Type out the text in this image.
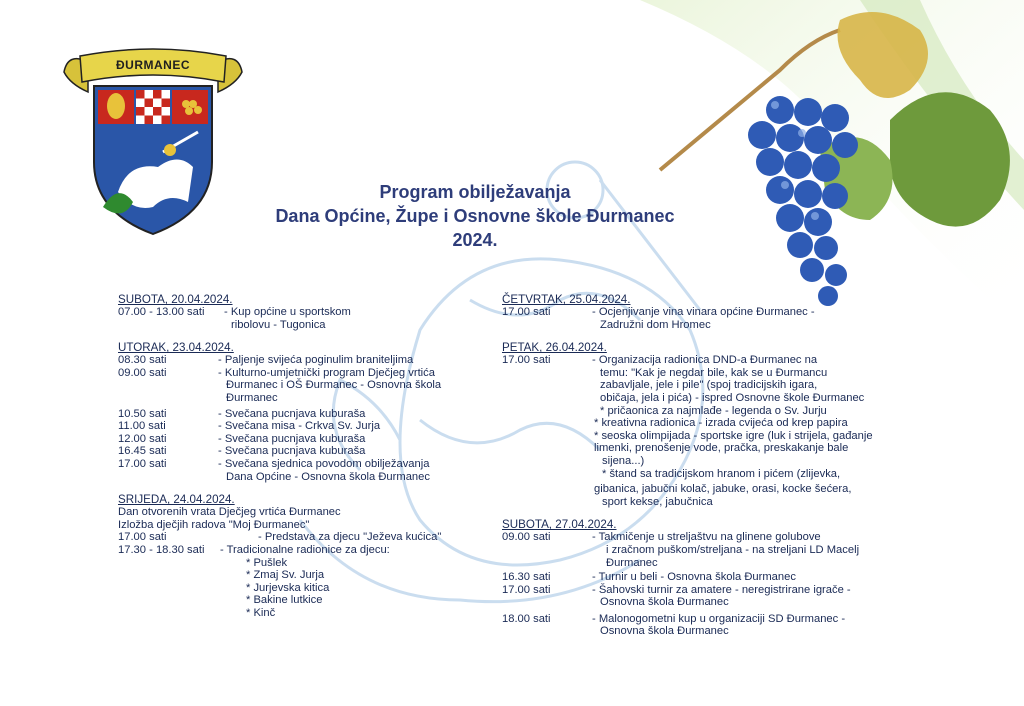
ĐURMANEC
Program obilježavanja
Dana Općine, Župe i Osnovne škole Đurmanec
2024.
SUBOTA, 20.04.2024.
07.00 - 13.00 sati	- Kup općine u sportskom
ribolovu - Tugonica
UTORAK, 23.04.2024.
08.30 sati	- Paljenje svijeća poginulim braniteljima
09.00 sati	- Kulturno-umjetnički program Dječjeg vrtića
Đurmanec i OŠ Đurmanec - Osnovna škola
Đurmanec
10.50 sati	- Svečana pucnjava kuburaša
11.00 sati	- Svečana misa - Crkva Sv. Jurja
12.00 sati	- Svečana pucnjava kuburaša
16.45 sati	- Svečana pucnjava kuburaša
17.00 sati	- Svečana sjednica povodom obilježavanja
Dana Općine - Osnovna škola Đurmanec
SRIJEDA, 24.04.2024.
Dan otvorenih vrata Dječjeg vrtića Đurmanec
Izložba dječjih radova "Moj Đurmanec"
17.00 sati	- Predstava za djecu "Ježeva kućica"
17.30 - 18.30 sati	- Tradicionalne radionice za djecu:
* Pušlek
* Zmaj Sv. Jurja
* Jurjevska kitica
* Bakine lutkice
* Kinč
ČETVRTAK, 25.04.2024.
17.00 sati	- Ocjenjivanje vina vinara općine Đurmanec -
Zadružni dom Hromec
PETAK, 26.04.2024.
17.00 sati	- Organizacija radionica DND-a Đurmanec na
temu: "Kak je negdar bile, kak se u Đurmancu
zabavljale, jele i pile" (spoj tradicijskih igara,
običaja, jela i pića) - ispred Osnovne škole Đurmanec
* pričaonica za najmlađe - legenda o Sv. Jurju
* kreativna radionica - izrada cvijeća od krep papira
* seoska olimpijada - sportske igre (luk i strijela, gađanje
limenki, prenošenje vode, pračka, preskakanje bale
sijena...)
* štand sa tradicijskom hranom i pićem (zlijevka,
gibanica, jabučni kolač, jabuke, orasi, kocke šećera,
sport kekse, jabučnica
SUBOTA, 27.04.2024.
09.00 sati	- Takmičenje u streljaštvu na glinene golubove
i zračnom puškom/streljana - na streljani LD Macelj
Đurmanec
16.30 sati	- Turnir u beli - Osnovna škola Đurmanec
17.00 sati	- Šahovski turnir za amatere - neregistrirane igrače -
Osnovna škola Đurmanec
18.00 sati	- Malonogometni kup u organizaciji SD Đurmanec -
Osnovna škola Đurmanec
